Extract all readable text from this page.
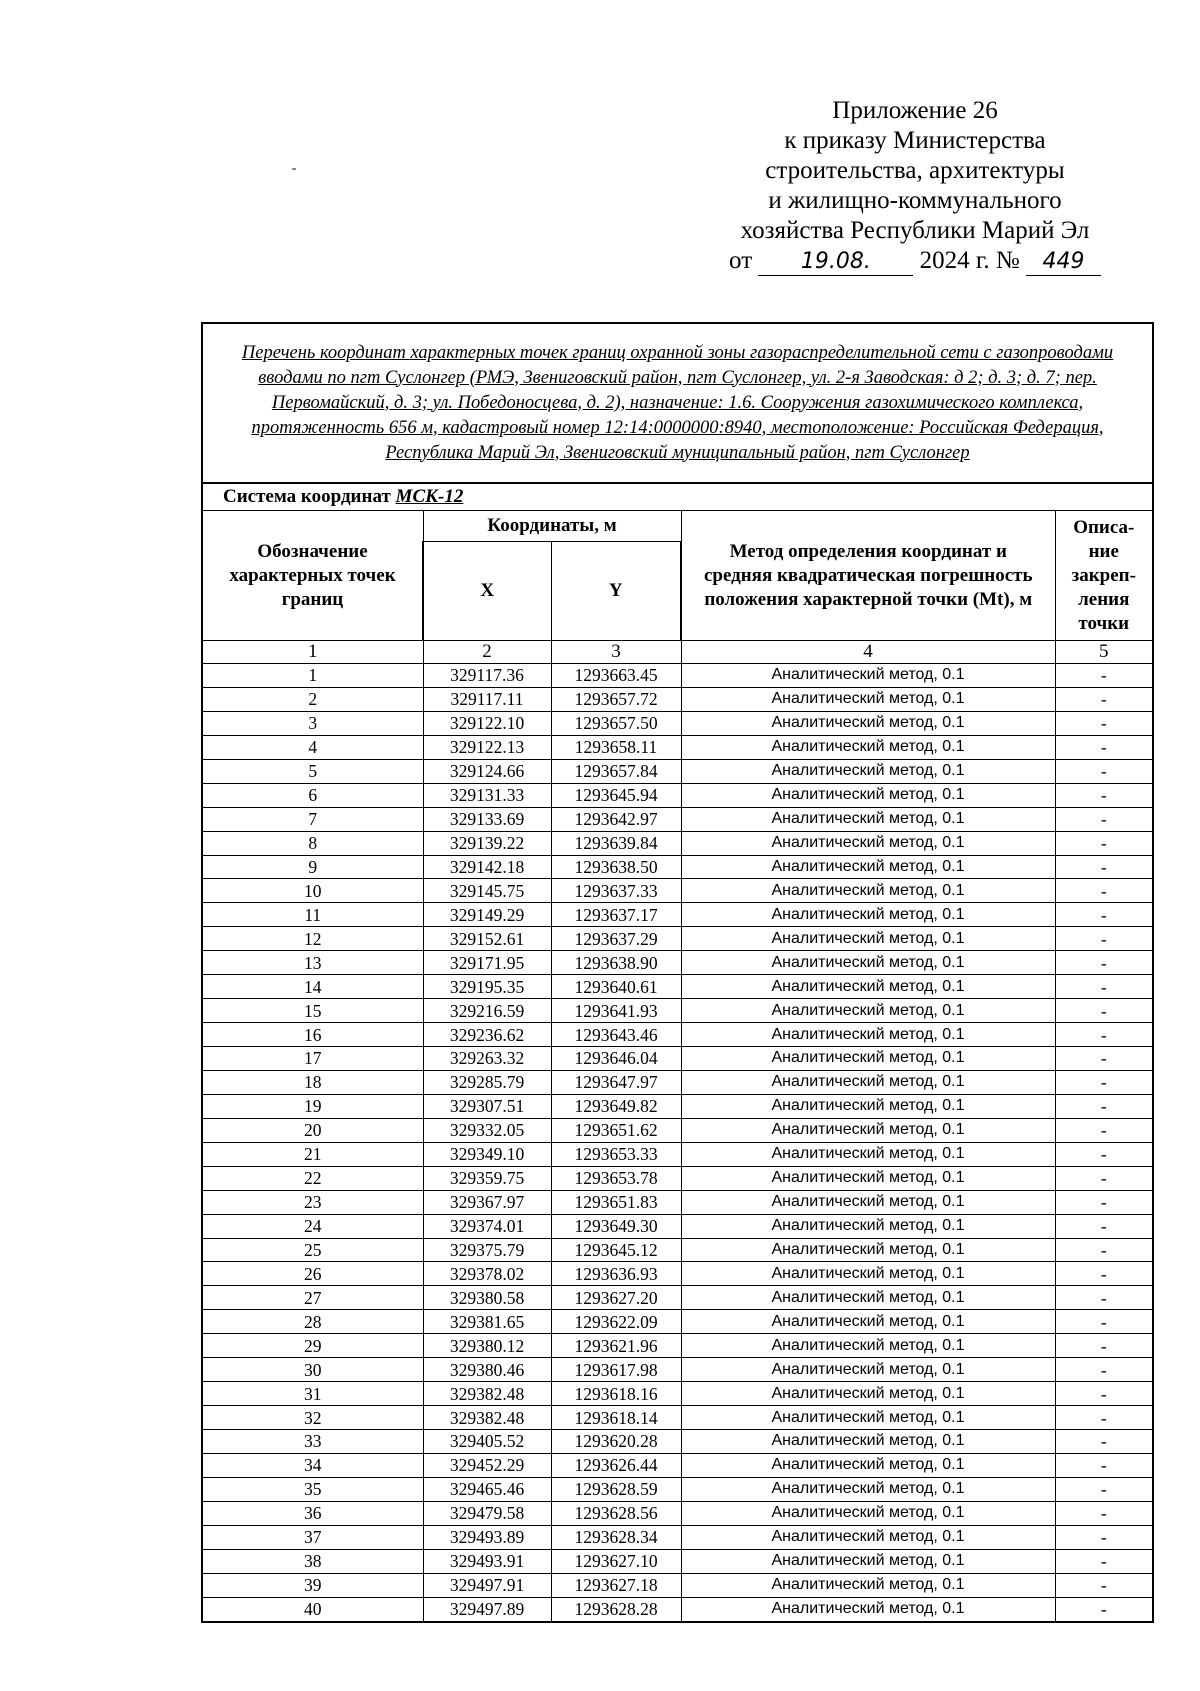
Приложение 26
к приказу Министерства
строительства, архитектуры
и жилищно-коммунального
хозяйства Республики Марий Эл
от 19.08. 2024 г. № 449
Перечень координат характерных точек границ охранной зоны газораспределительной сети с газопроводами вводами по пгт Суслонгер (РМЭ, Звениговский район, пгт Суслонгер, ул. 2-я Заводская: д 2; д. 3; д. 7; пер. Первомайский, д. 3; ул. Победоносцева, д. 2), назначение: 1.6. Сооружения газохимического комплекса, протяженность 656 м, кадастровый номер 12:14:0000000:8940, местоположение: Российская Федерация, Республика Марий Эл, Звениговский муниципальный район, пгт Суслонгер				
Система координат МСК-12				
Обозначение характерных точек границ	Координаты, м		Метод определения координат и средняя квадратическая погрешность положения характерной точки (Mt), м	Описа-ние закреп-ления точки
	X	Y		
1	2	3	4	5
1	329117.36	1293663.45	Аналитический метод, 0.1	-
2	329117.11	1293657.72	Аналитический метод, 0.1	-
3	329122.10	1293657.50	Аналитический метод, 0.1	-
4	329122.13	1293658.11	Аналитический метод, 0.1	-
5	329124.66	1293657.84	Аналитический метод, 0.1	-
6	329131.33	1293645.94	Аналитический метод, 0.1	-
7	329133.69	1293642.97	Аналитический метод, 0.1	-
8	329139.22	1293639.84	Аналитический метод, 0.1	-
9	329142.18	1293638.50	Аналитический метод, 0.1	-
10	329145.75	1293637.33	Аналитический метод, 0.1	-
11	329149.29	1293637.17	Аналитический метод, 0.1	-
12	329152.61	1293637.29	Аналитический метод, 0.1	-
13	329171.95	1293638.90	Аналитический метод, 0.1	-
14	329195.35	1293640.61	Аналитический метод, 0.1	-
15	329216.59	1293641.93	Аналитический метод, 0.1	-
16	329236.62	1293643.46	Аналитический метод, 0.1	-
17	329263.32	1293646.04	Аналитический метод, 0.1	-
18	329285.79	1293647.97	Аналитический метод, 0.1	-
19	329307.51	1293649.82	Аналитический метод, 0.1	-
20	329332.05	1293651.62	Аналитический метод, 0.1	-
21	329349.10	1293653.33	Аналитический метод, 0.1	-
22	329359.75	1293653.78	Аналитический метод, 0.1	-
23	329367.97	1293651.83	Аналитический метод, 0.1	-
24	329374.01	1293649.30	Аналитический метод, 0.1	-
25	329375.79	1293645.12	Аналитический метод, 0.1	-
26	329378.02	1293636.93	Аналитический метод, 0.1	-
27	329380.58	1293627.20	Аналитический метод, 0.1	-
28	329381.65	1293622.09	Аналитический метод, 0.1	-
29	329380.12	1293621.96	Аналитический метод, 0.1	-
30	329380.46	1293617.98	Аналитический метод, 0.1	-
31	329382.48	1293618.16	Аналитический метод, 0.1	-
32	329382.48	1293618.14	Аналитический метод, 0.1	-
33	329405.52	1293620.28	Аналитический метод, 0.1	-
34	329452.29	1293626.44	Аналитический метод, 0.1	-
35	329465.46	1293628.59	Аналитический метод, 0.1	-
36	329479.58	1293628.56	Аналитический метод, 0.1	-
37	329493.89	1293628.34	Аналитический метод, 0.1	-
38	329493.91	1293627.10	Аналитический метод, 0.1	-
39	329497.91	1293627.18	Аналитический метод, 0.1	-
40	329497.89	1293628.28	Аналитический метод, 0.1	-
